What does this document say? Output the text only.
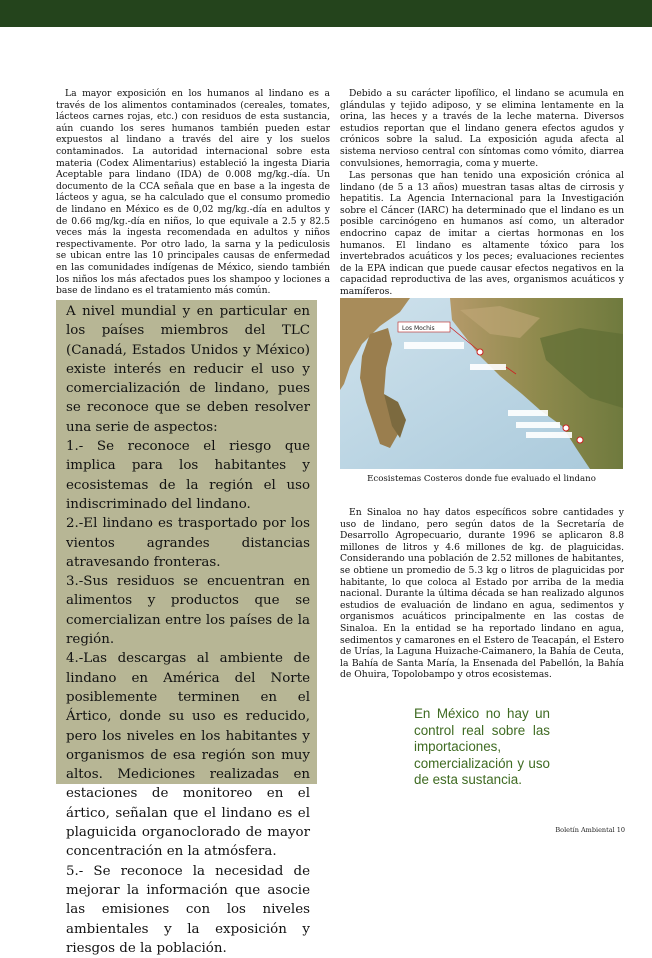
La mayor exposición en los humanos al lindano es a través de los alimentos contaminados (cereales, tomates, lácteos carnes rojas, etc.) con residuos de esta sustancia, aún cuando los seres humanos también pueden estar expuestos al lindano a través del aire y los suelos contaminados. La autoridad internacional sobre esta materia (Codex Alimentarius) estableció la ingesta Diaria Aceptable para lindano (IDA) de 0.008 mg/kg.-día. Un documento de la CCA señala que en base a la ingesta de lácteos y agua, se ha calculado que el consumo promedio de lindano en México es de 0,02 mg/kg.-día en adultos y de 0.66 mg/kg.-día en niños, lo que equivale a 2.5 y 82.5 veces más la ingesta recomendada en adultos y niños respectivamente. Por otro lado, la sarna y la pediculosis se ubican entre las 10 principales causas de enfermedad en las comunidades indígenas de México, siendo también los niños los más afectados pues los shampoo y lociones a base de lindano es el tratamiento más común.

Debido a su carácter lipofílico, el lindano se acumula en glándulas y tejido adiposo, y se elimina lentamente en la orina, las heces y a través de la leche materna. Diversos estudios reportan que el lindano genera efectos agudos y crónicos sobre la salud. La exposición aguda afecta al sistema nervioso central con síntomas como vómito, diarrea convulsiones, hemorragia, coma y muerte.

Las personas que han tenido una exposición crónica al lindano (de 5 a 13 años) muestran tasas altas de cirrosis y hepatitis. La Agencia Internacional para la Investigación sobre el Cáncer (IARC) ha determinado que el lindano es un posible carcinógeno en humanos así como, un alterador endocrino capaz de imitar a ciertas hormonas en los humanos. El lindano es altamente tóxico para los invertebrados acuáticos y los peces; evaluaciones recientes de la EPA indican que puede causar efectos negativos en la capacidad reproductiva de las aves, organismos acuáticos y mamíferos.

A nivel mundial y en particular en los países miembros del TLC (Canadá, Estados Unidos y México) existe interés en reducir el uso y comercialización de lindano, pues se reconoce que se deben resolver una serie de aspectos:

1.- Se reconoce el riesgo que implica para los habitantes y ecosistemas de la región el uso indiscriminado del lindano.

2.-El lindano es trasportado por los vientos agrandes distancias atravesando fronteras.

3.-Sus residuos se encuentran en alimentos y productos que se comercializan entre los países de la región.

4.-Las descargas al ambiente de lindano en América del Norte posiblemente terminen en el Ártico, donde su uso es reducido, pero los niveles en los habitantes y organismos de esa región son muy altos. Mediciones realizadas en estaciones de monitoreo en el ártico, señalan que el lindano es el plaguicida organoclorado de mayor concentración en la atmósfera.

5.- Se reconoce la necesidad de mejorar la información que asocie las emisiones con los niveles ambientales y la exposición y riesgos de la población.

Los Mochis
Ecosistemas Costeros donde fue evaluado el lindano

En Sinaloa no hay datos específicos sobre cantidades y uso de lindano, pero según datos de la Secretaría de Desarrollo Agropecuario, durante 1996 se aplicaron 8.8 millones de litros y 4.6 millones de kg. de plaguicidas. Considerando una población de 2.52 millones de habitantes, se obtiene un promedio de 5.3 kg o litros de plaguicidas por habitante, lo que coloca al Estado por arriba de la media nacional. Durante la última década se han realizado algunos estudios de evaluación de lindano en agua, sedimentos y organismos acuáticos principalmente en las costas de Sinaloa. En la entidad se ha reportado lindano en agua, sedimentos y camarones en el Estero de Teacapán, el Estero de Urías, la Laguna Huizache-Caimanero, la Bahía de Ceuta, la Bahía de Santa María, la Ensenada del Pabellón, la Bahía de Ohuira, Topolobampo y otros ecosistemas.

En México no hay un control real sobre las importaciones, comercialización y uso de esta sustancia.
Boletín Ambiental 10
